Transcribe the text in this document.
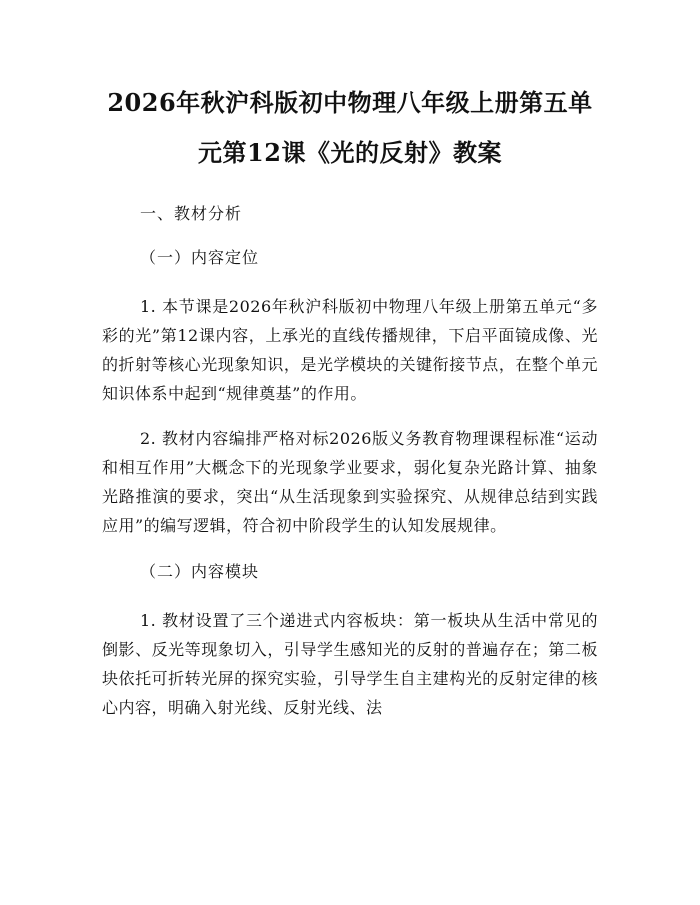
2026年秋沪科版初中物理八年级上册第五单元第12课《光的反射》教案

一、教材分析

（一）内容定位

1. 本节课是2026年秋沪科版初中物理八年级上册第五单元“多彩的光”第12课内容，上承光的直线传播规律，下启平面镜成像、光的折射等核心光现象知识，是光学模块的关键衔接节点，在整个单元知识体系中起到“规律奠基”的作用。

2. 教材内容编排严格对标2026版义务教育物理课程标准“运动和相互作用”大概念下的光现象学业要求，弱化复杂光路计算、抽象光路推演的要求，突出“从生活现象到实验探究、从规律总结到实践应用”的编写逻辑，符合初中阶段学生的认知发展规律。

（二）内容模块

1. 教材设置了三个递进式内容板块：第一板块从生活中常见的倒影、反光等现象切入，引导学生感知光的反射的普遍存在；第二板块依托可折转光屏的探究实验，引导学生自主建构光的反射定律的核心内容，明确入射光线、反射光线、法
